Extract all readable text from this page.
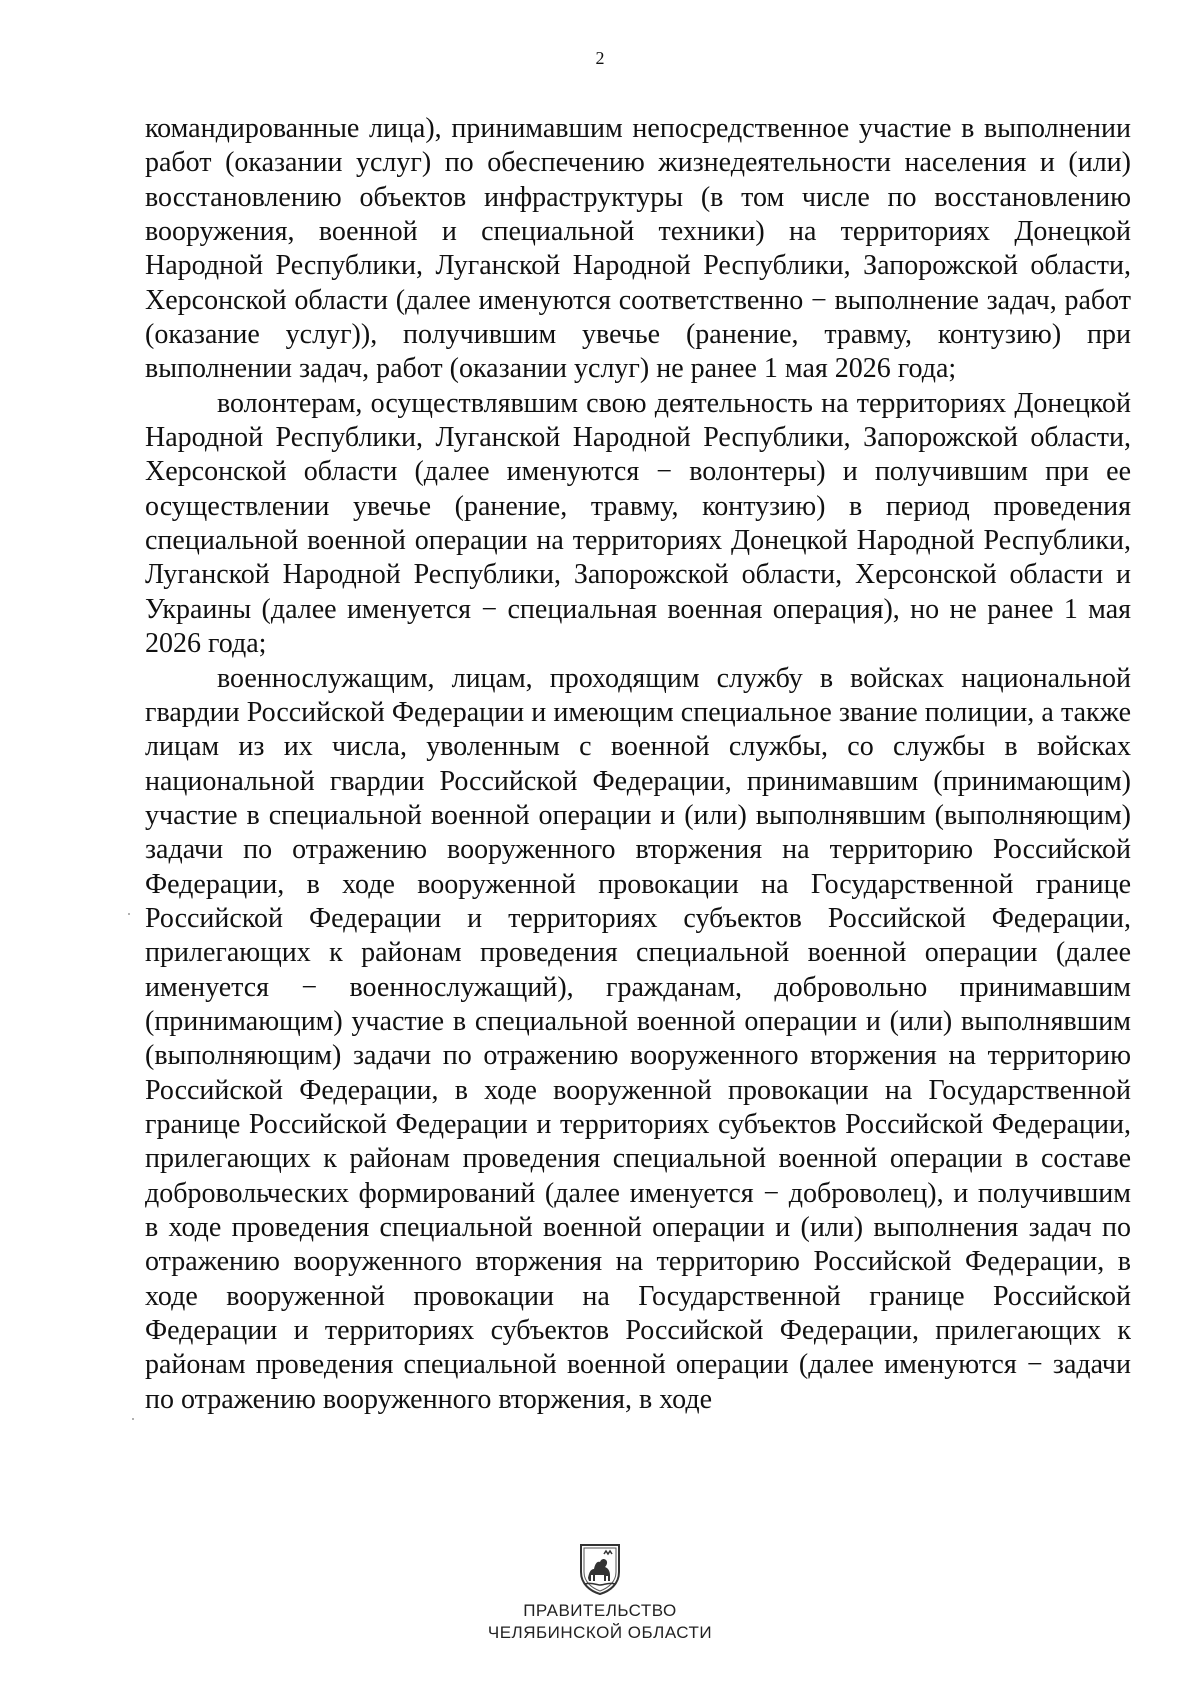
2

командированные лица), принимавшим непосредственное участие в выполнении работ (оказании услуг) по обеспечению жизнедеятельности населения и (или) восстановлению объектов инфраструктуры (в том числе по восстановлению вооружения, военной и специальной техники) на территориях Донецкой Народной Республики, Луганской Народной Республики, Запорожской области, Херсонской области (далее именуются соответственно − выполнение задач, работ (оказание услуг)), получившим увечье (ранение, травму, контузию) при выполнении задач, работ (оказании услуг) не ранее 1 мая 2026 года;

волонтерам, осуществлявшим свою деятельность на территориях Донецкой Народной Республики, Луганской Народной Республики, Запорожской области, Херсонской области (далее именуются − волонтеры) и получившим при ее осуществлении увечье (ранение, травму, контузию) в период проведения специальной военной операции на территориях Донецкой Народной Республики, Луганской Народной Республики, Запорожской области, Херсонской области и Украины (далее именуется − специальная военная операция), но не ранее 1 мая 2026 года;

военнослужащим, лицам, проходящим службу в войсках национальной гвардии Российской Федерации и имеющим специальное звание полиции, а также лицам из их числа, уволенным с военной службы, со службы в войсках национальной гвардии Российской Федерации, принимавшим (принимающим) участие в специальной военной операции и (или) выполнявшим (выполняющим) задачи по отражению вооруженного вторжения на территорию Российской Федерации, в ходе вооруженной провокации на Государственной границе Российской Федерации и территориях субъектов Российской Федерации, прилегающих к районам проведения специальной военной операции (далее именуется − военнослужащий), гражданам, добровольно принимавшим (принимающим) участие в специальной военной операции и (или) выполнявшим (выполняющим) задачи по отражению вооруженного вторжения на территорию Российской Федерации, в ходе вооруженной провокации на Государственной границе Российской Федерации и территориях субъектов Российской Федерации, прилегающих к районам проведения специальной военной операции в составе добровольческих формирований (далее именуется − доброволец), и получившим в ходе проведения специальной военной операции и (или) выполнения задач по отражению вооруженного вторжения на территорию Российской Федерации, в ходе вооруженной провокации на Государственной границе Российской Федерации и территориях субъектов Российской Федерации, прилегающих к районам проведения специальной военной операции (далее именуются − задачи по отражению вооруженного вторжения, в ходе

ПРАВИТЕЛЬСТВО
ЧЕЛЯБИНСКОЙ ОБЛАСТИ
